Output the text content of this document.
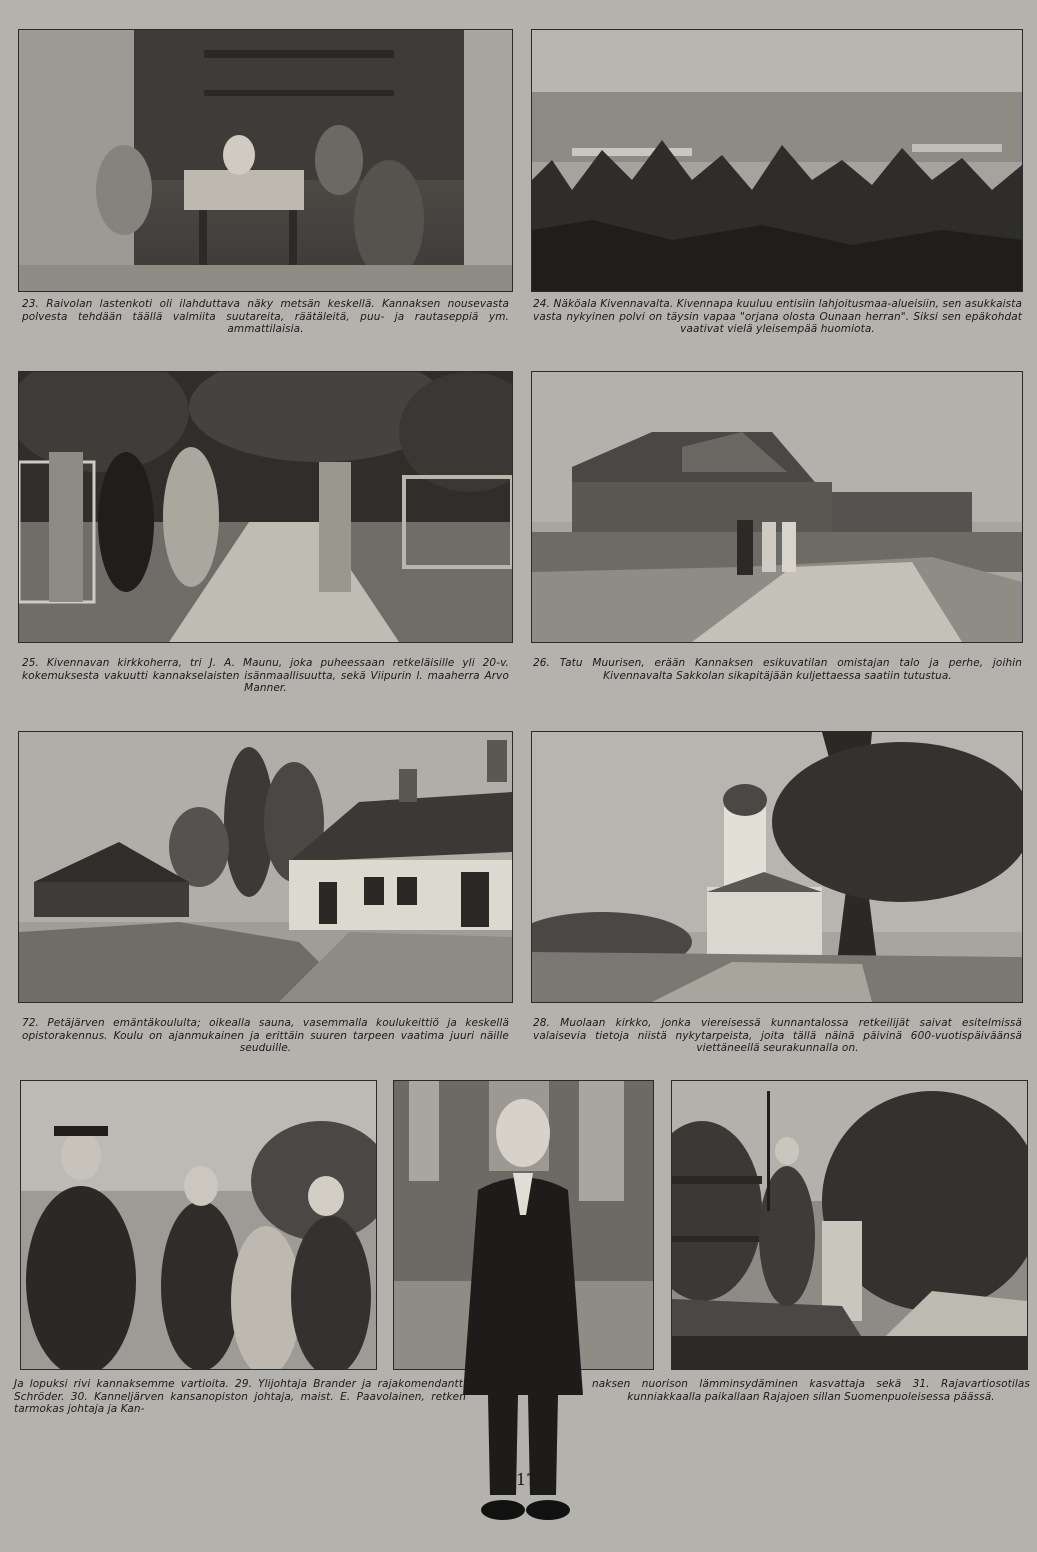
23. Raivolan lastenkoti oli ilahduttava näky metsän keskellä. Kannaksen nousevasta polvesta tehdään täällä valmiita suutareita, räätäleitä, puu- ja rautaseppiä ym. ammattilaisia.
24. Näköala Kivennavalta. Kivennapa kuuluu entisiin lahjoitusmaa-alueisiin, sen asukkaista vasta nykyinen polvi on täysin vapaa "orjana olosta Ounaan herran". Siksi sen epäkohdat vaativat vielä yleisempää huomiota.
25. Kivennavan kirkkoherra, tri J. A. Maunu, joka puheessaan retkeläisille yli 20-v. kokemuksesta vakuutti kannakselaisten isänmaallisuutta, sekä Viipurin l. maaherra Arvo Manner.
26. Tatu Muurisen, erään Kannaksen esikuvatilan omistajan talo ja perhe, joihin Kivennavalta Sakkolan sikapitäjään kuljettaessa saatiin tutustua.
72. Petäjärven emäntäkoululta; oikealla sauna, vasemmalla koulukeittiö ja keskellä opistorakennus. Koulu on ajanmukainen ja erittäin suuren tarpeen vaatima juuri näille seuduille.
28. Muolaan kirkko, jonka viereisessä kunnantalossa retkeilijät saivat esitelmissä valaisevia tietoja niistä nykytarpeista, joita tällä näinä päivinä 600-vuotispäiväänsä viettäneellä seurakunnalla on.
Ja lopuksi rivi kannaksemme vartioita. 29. Ylijohtaja Brander ja rajakomendantti Schröder. 30. Kanneljärven kansanopiston johtaja, maist. E. Paavolainen, retken tarmokas johtaja ja Kan-
naksen nuorison lämminsydäminen kasvattaja sekä 31. Rajavartiosotilas kunniakkaalla paikallaan Rajajoen sillan Suomenpuoleisessa päässä.
175
